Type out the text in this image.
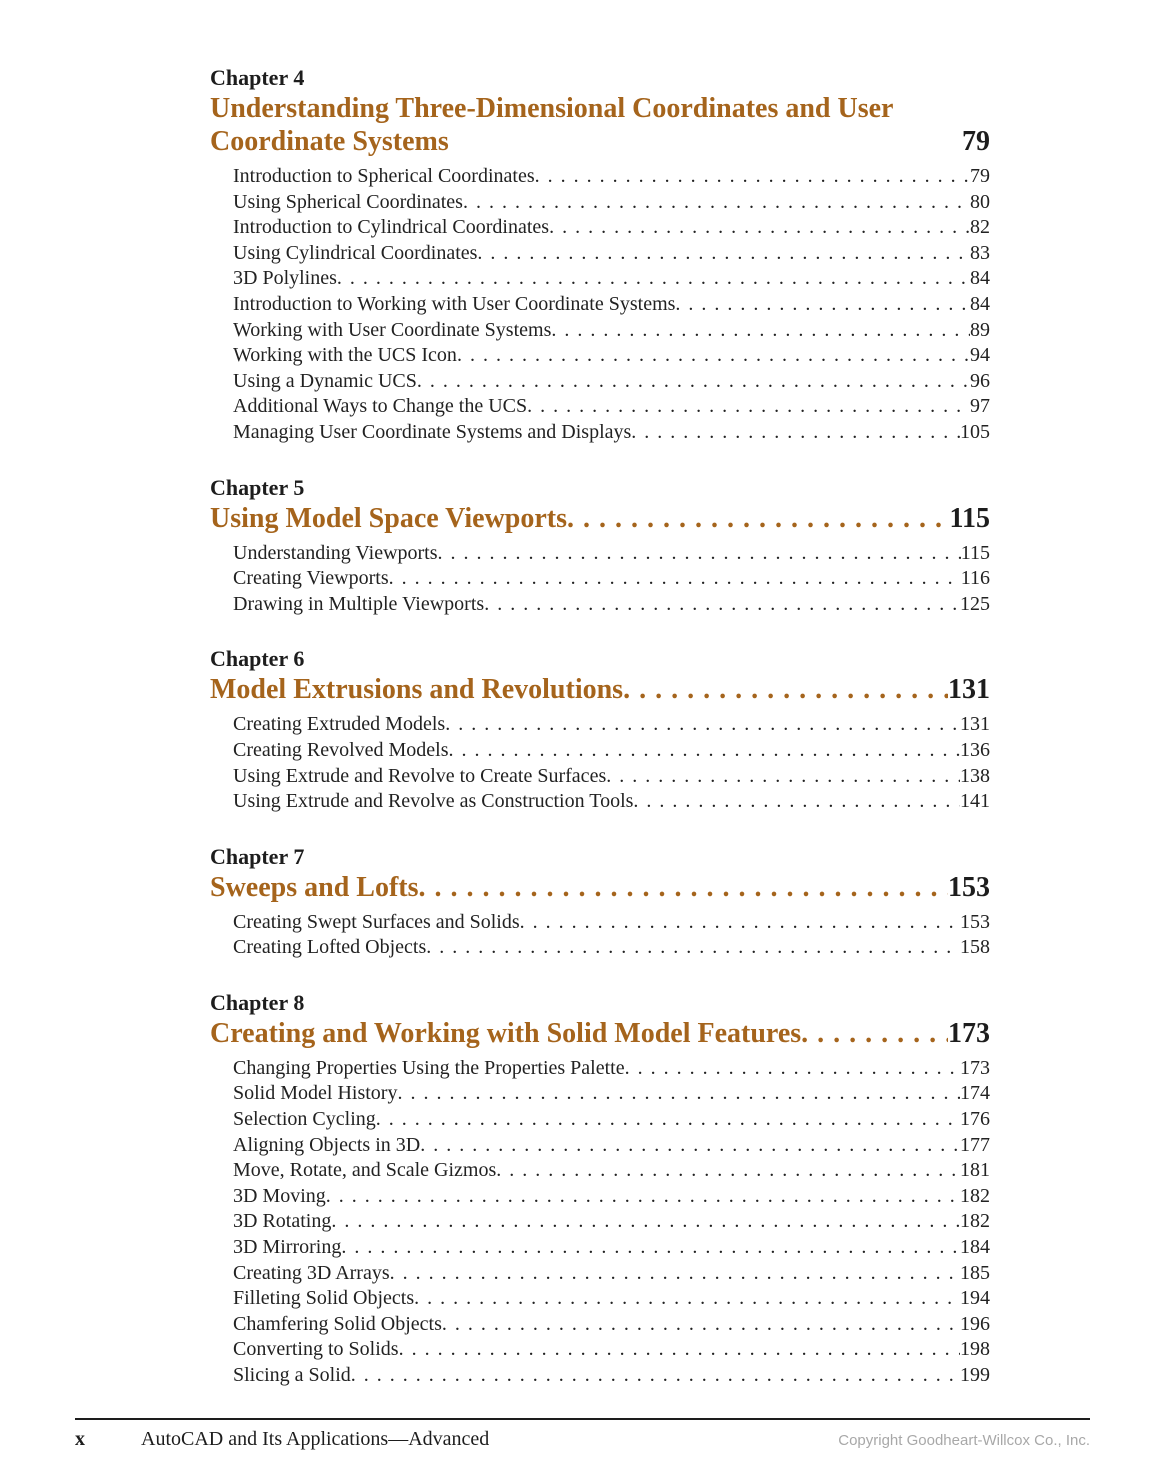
Chapter 4
Understanding Three-Dimensional Coordinates and User Coordinate Systems	79
Introduction to Spherical Coordinates . . .	79
Using Spherical Coordinates . . .	80
Introduction to Cylindrical Coordinates . . .	82
Using Cylindrical Coordinates . . .	83
3D Polylines . . .	84
Introduction to Working with User Coordinate Systems . . .	84
Working with User Coordinate Systems . . .	89
Working with the UCS Icon . . .	94
Using a Dynamic UCS . . .	96
Additional Ways to Change the UCS . . .	97
Managing User Coordinate Systems and Displays . . .	105
Chapter 5
Using Model Space Viewports . . .	115
Understanding Viewports . . .	115
Creating Viewports . . .	116
Drawing in Multiple Viewports . . .	125
Chapter 6
Model Extrusions and Revolutions . . .	131
Creating Extruded Models . . .	131
Creating Revolved Models . . .	136
Using Extrude and Revolve to Create Surfaces . . .	138
Using Extrude and Revolve as Construction Tools . . .	141
Chapter 7
Sweeps and Lofts . . .	153
Creating Swept Surfaces and Solids . . .	153
Creating Lofted Objects . . .	158
Chapter 8
Creating and Working with Solid Model Features . . .	173
Changing Properties Using the Properties Palette . . .	173
Solid Model History . . .	174
Selection Cycling . . .	176
Aligning Objects in 3D . . .	177
Move, Rotate, and Scale Gizmos . . .	181
3D Moving . . .	182
3D Rotating . . .	182
3D Mirroring . . .	184
Creating 3D Arrays . . .	185
Filleting Solid Objects . . .	194
Chamfering Solid Objects . . .	196
Converting to Solids . . .	198
Slicing a Solid . . .	199
x	AutoCAD and Its Applications—Advanced	Copyright Goodheart-Willcox Co., Inc.
